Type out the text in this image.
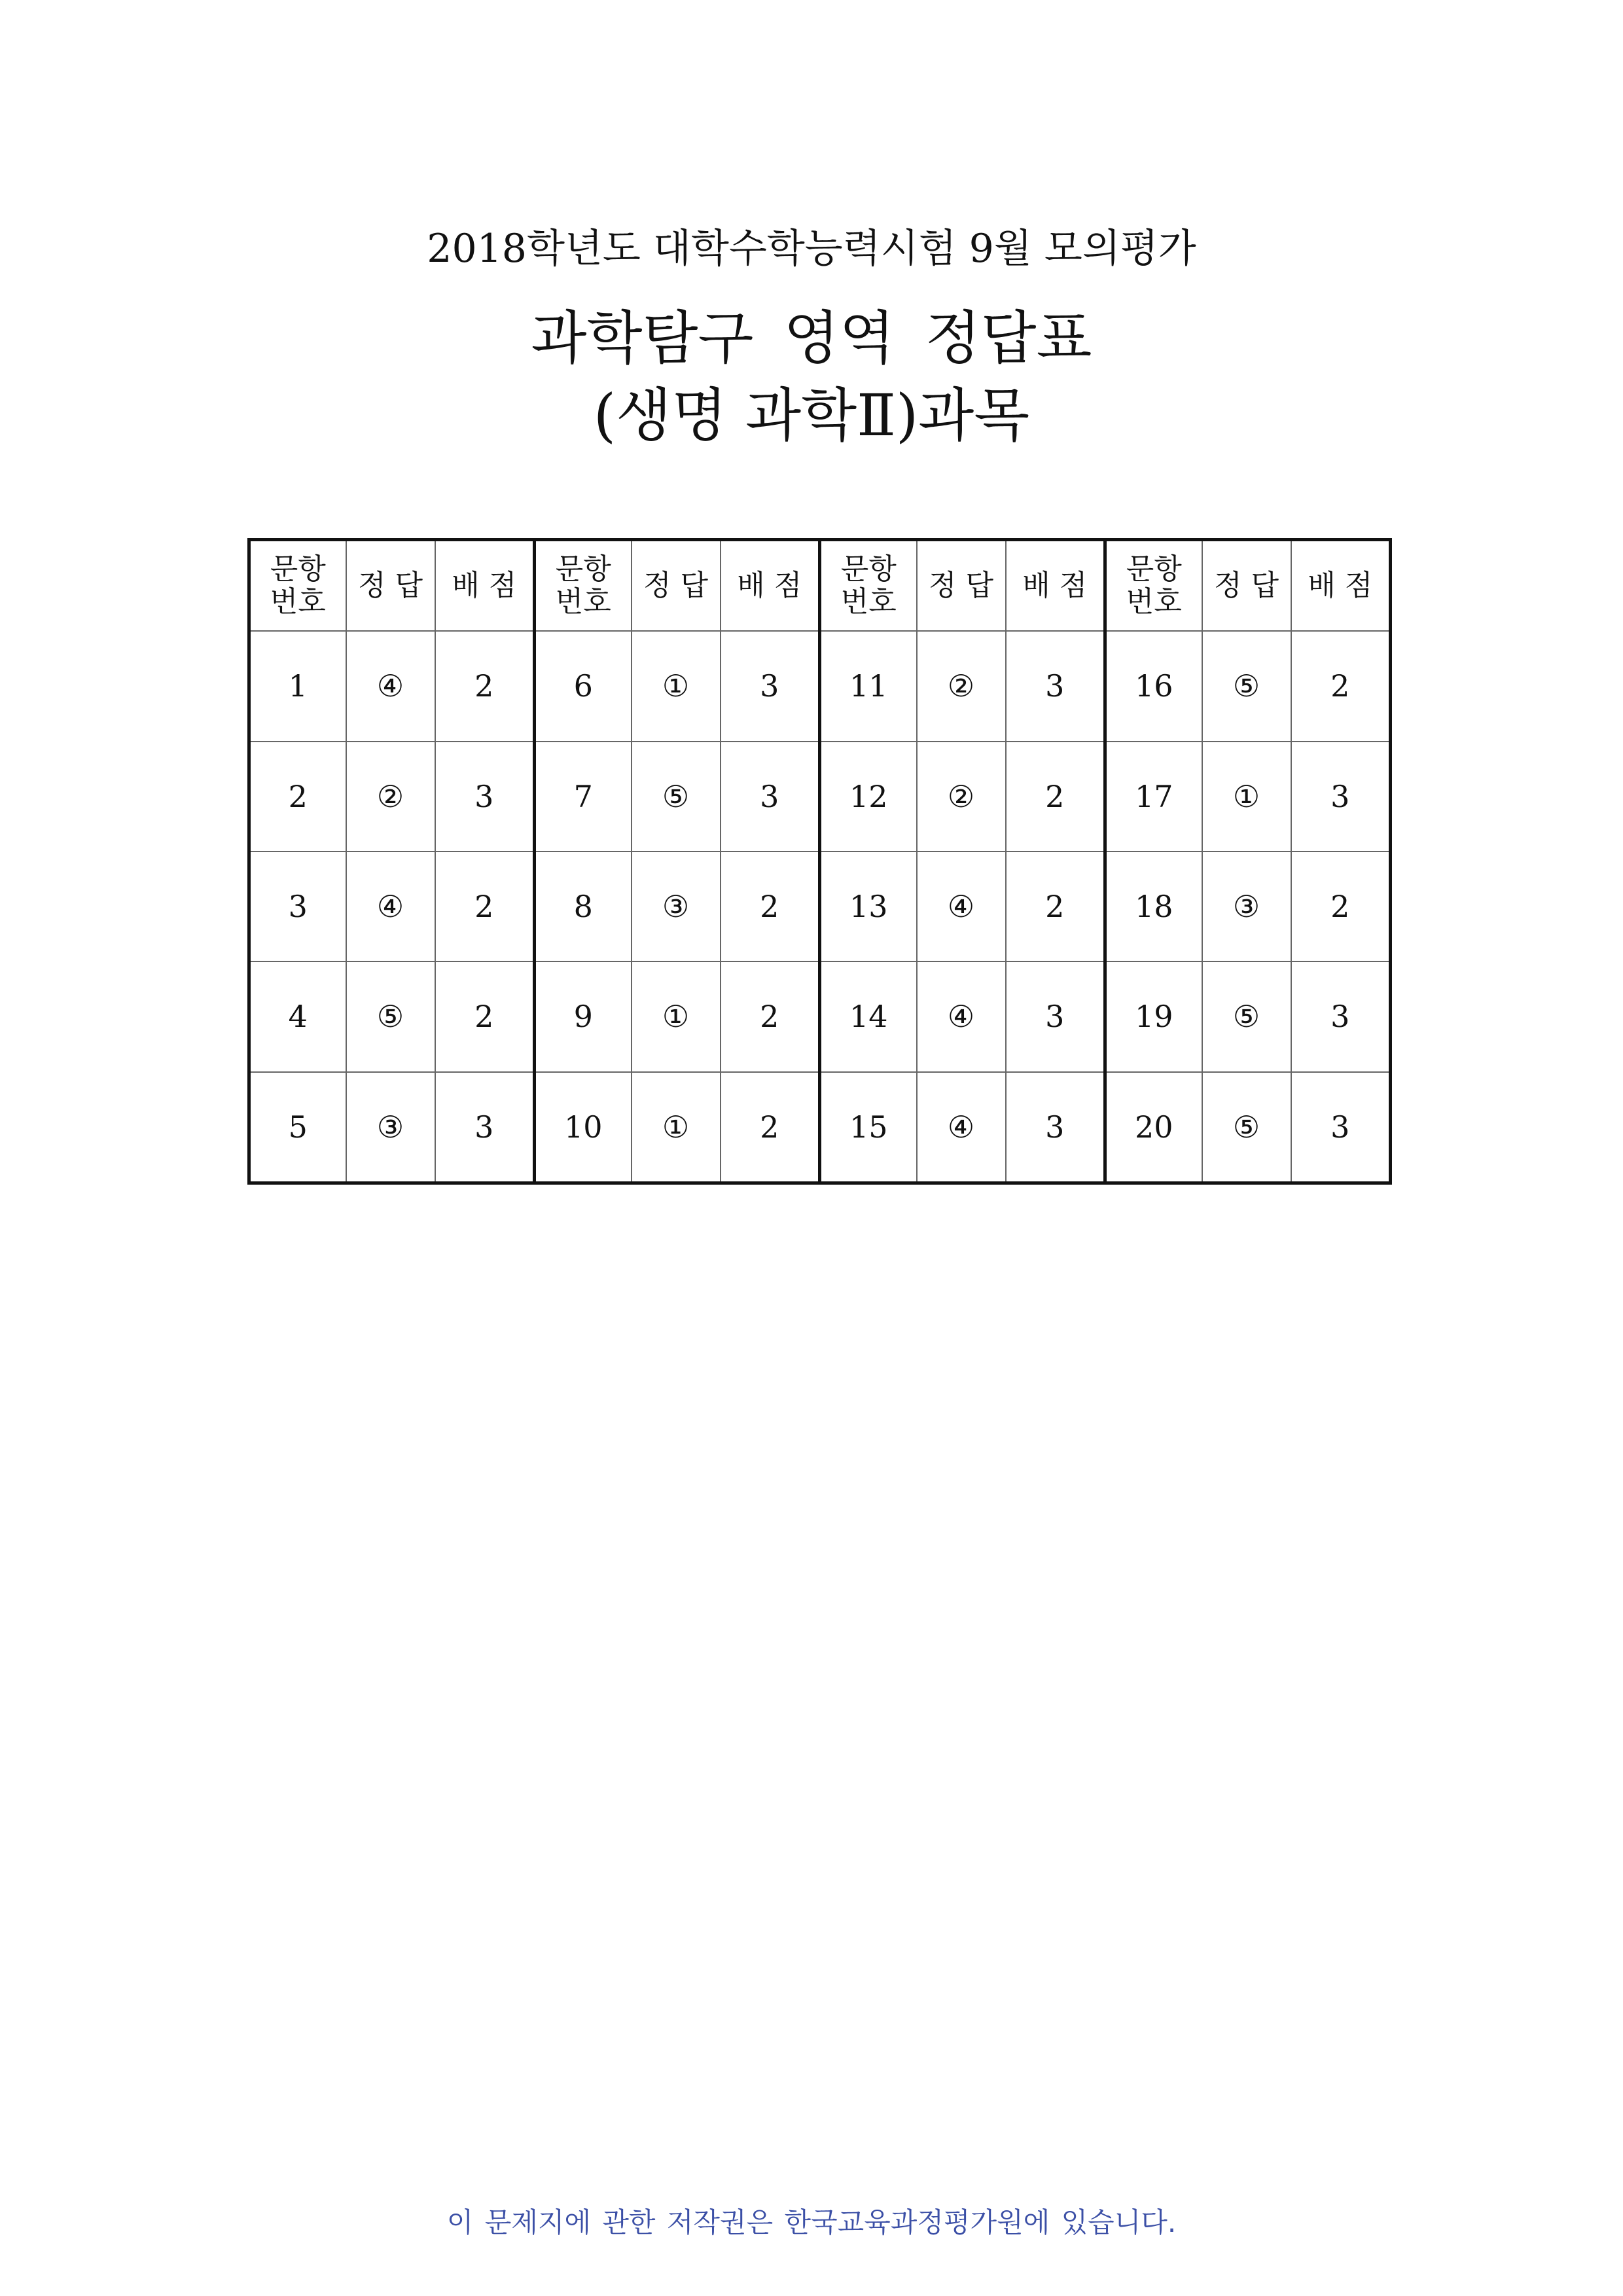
2018학년도 대학수학능력시험 9월 모의평가
과학탐구 영역 정답표
(생명 과학Ⅱ)과목
문항번호	정 답	배 점	문항번호	정 답	배 점	문항번호	정 답	배 점	문항번호	정 답	배 점
1	④	2	6	①	3	11	②	3	16	⑤	2
2	②	3	7	⑤	3	12	②	2	17	①	3
3	④	2	8	③	2	13	④	2	18	③	2
4	⑤	2	9	①	2	14	④	3	19	⑤	3
5	③	3	10	①	2	15	④	3	20	⑤	3
이 문제지에 관한 저작권은 한국교육과정평가원에 있습니다.
